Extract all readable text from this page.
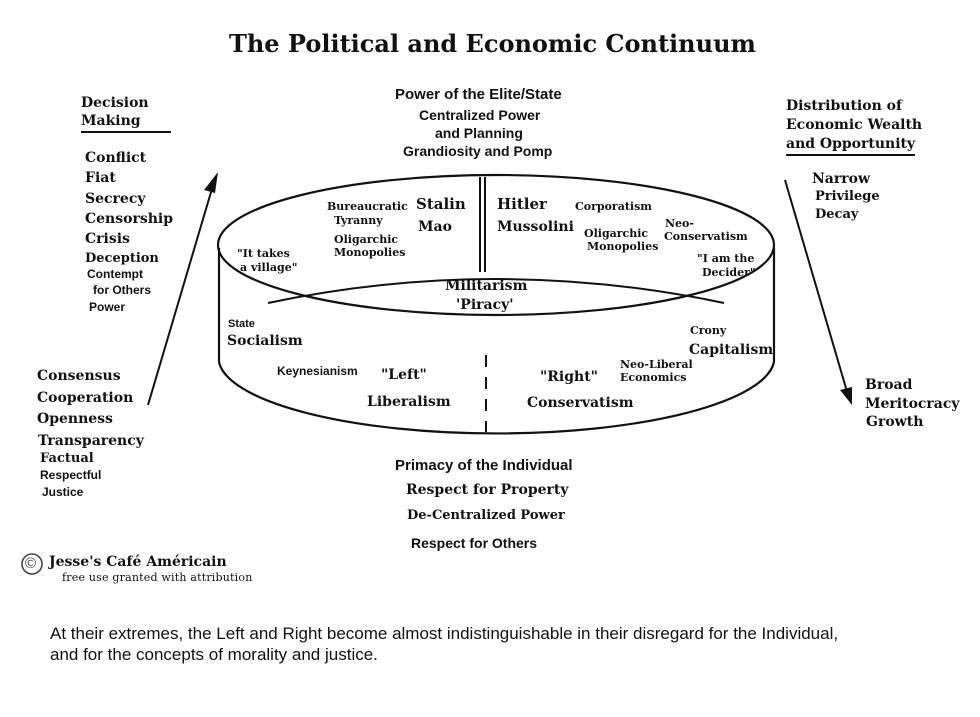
The Political and Economic Continuum
Power of the Elite/State
Centralized Power
and Planning
Grandiosity and Pomp
Decision
Making
Conflict
Fiat
Secrecy
Censorship
Crisis
Deception
Contempt
for Others
Power
Consensus
Cooperation
Openness
Transparency
Factual
Respectful
Justice
Distribution of
Economic Wealth
and Opportunity
Narrow
Privilege
Decay
Broad
Meritocracy
Growth
Bureaucratic
Tyranny
Stalin
Mao
Oligarchic
Monopolies
"It takes
a village"
Hitler
Mussolini
Corporatism
Oligarchic
Monopolies
Neo-
Conservatism
"I am the
Decider"
Militarism
'Piracy'
State
Socialism
Keynesianism "Left"
Liberalism
Crony
Capitalism
Neo-Liberal
Economics
"Right"
Conservatism
Primacy of the Individual
Respect for Property
De-Centralized Power
Respect for Others
© Jesse's Café Américain
free use granted with attribution
At their extremes, the Left and Right become almost indistinguishable in their disregard for the Individual,
and for the concepts of morality and justice.
